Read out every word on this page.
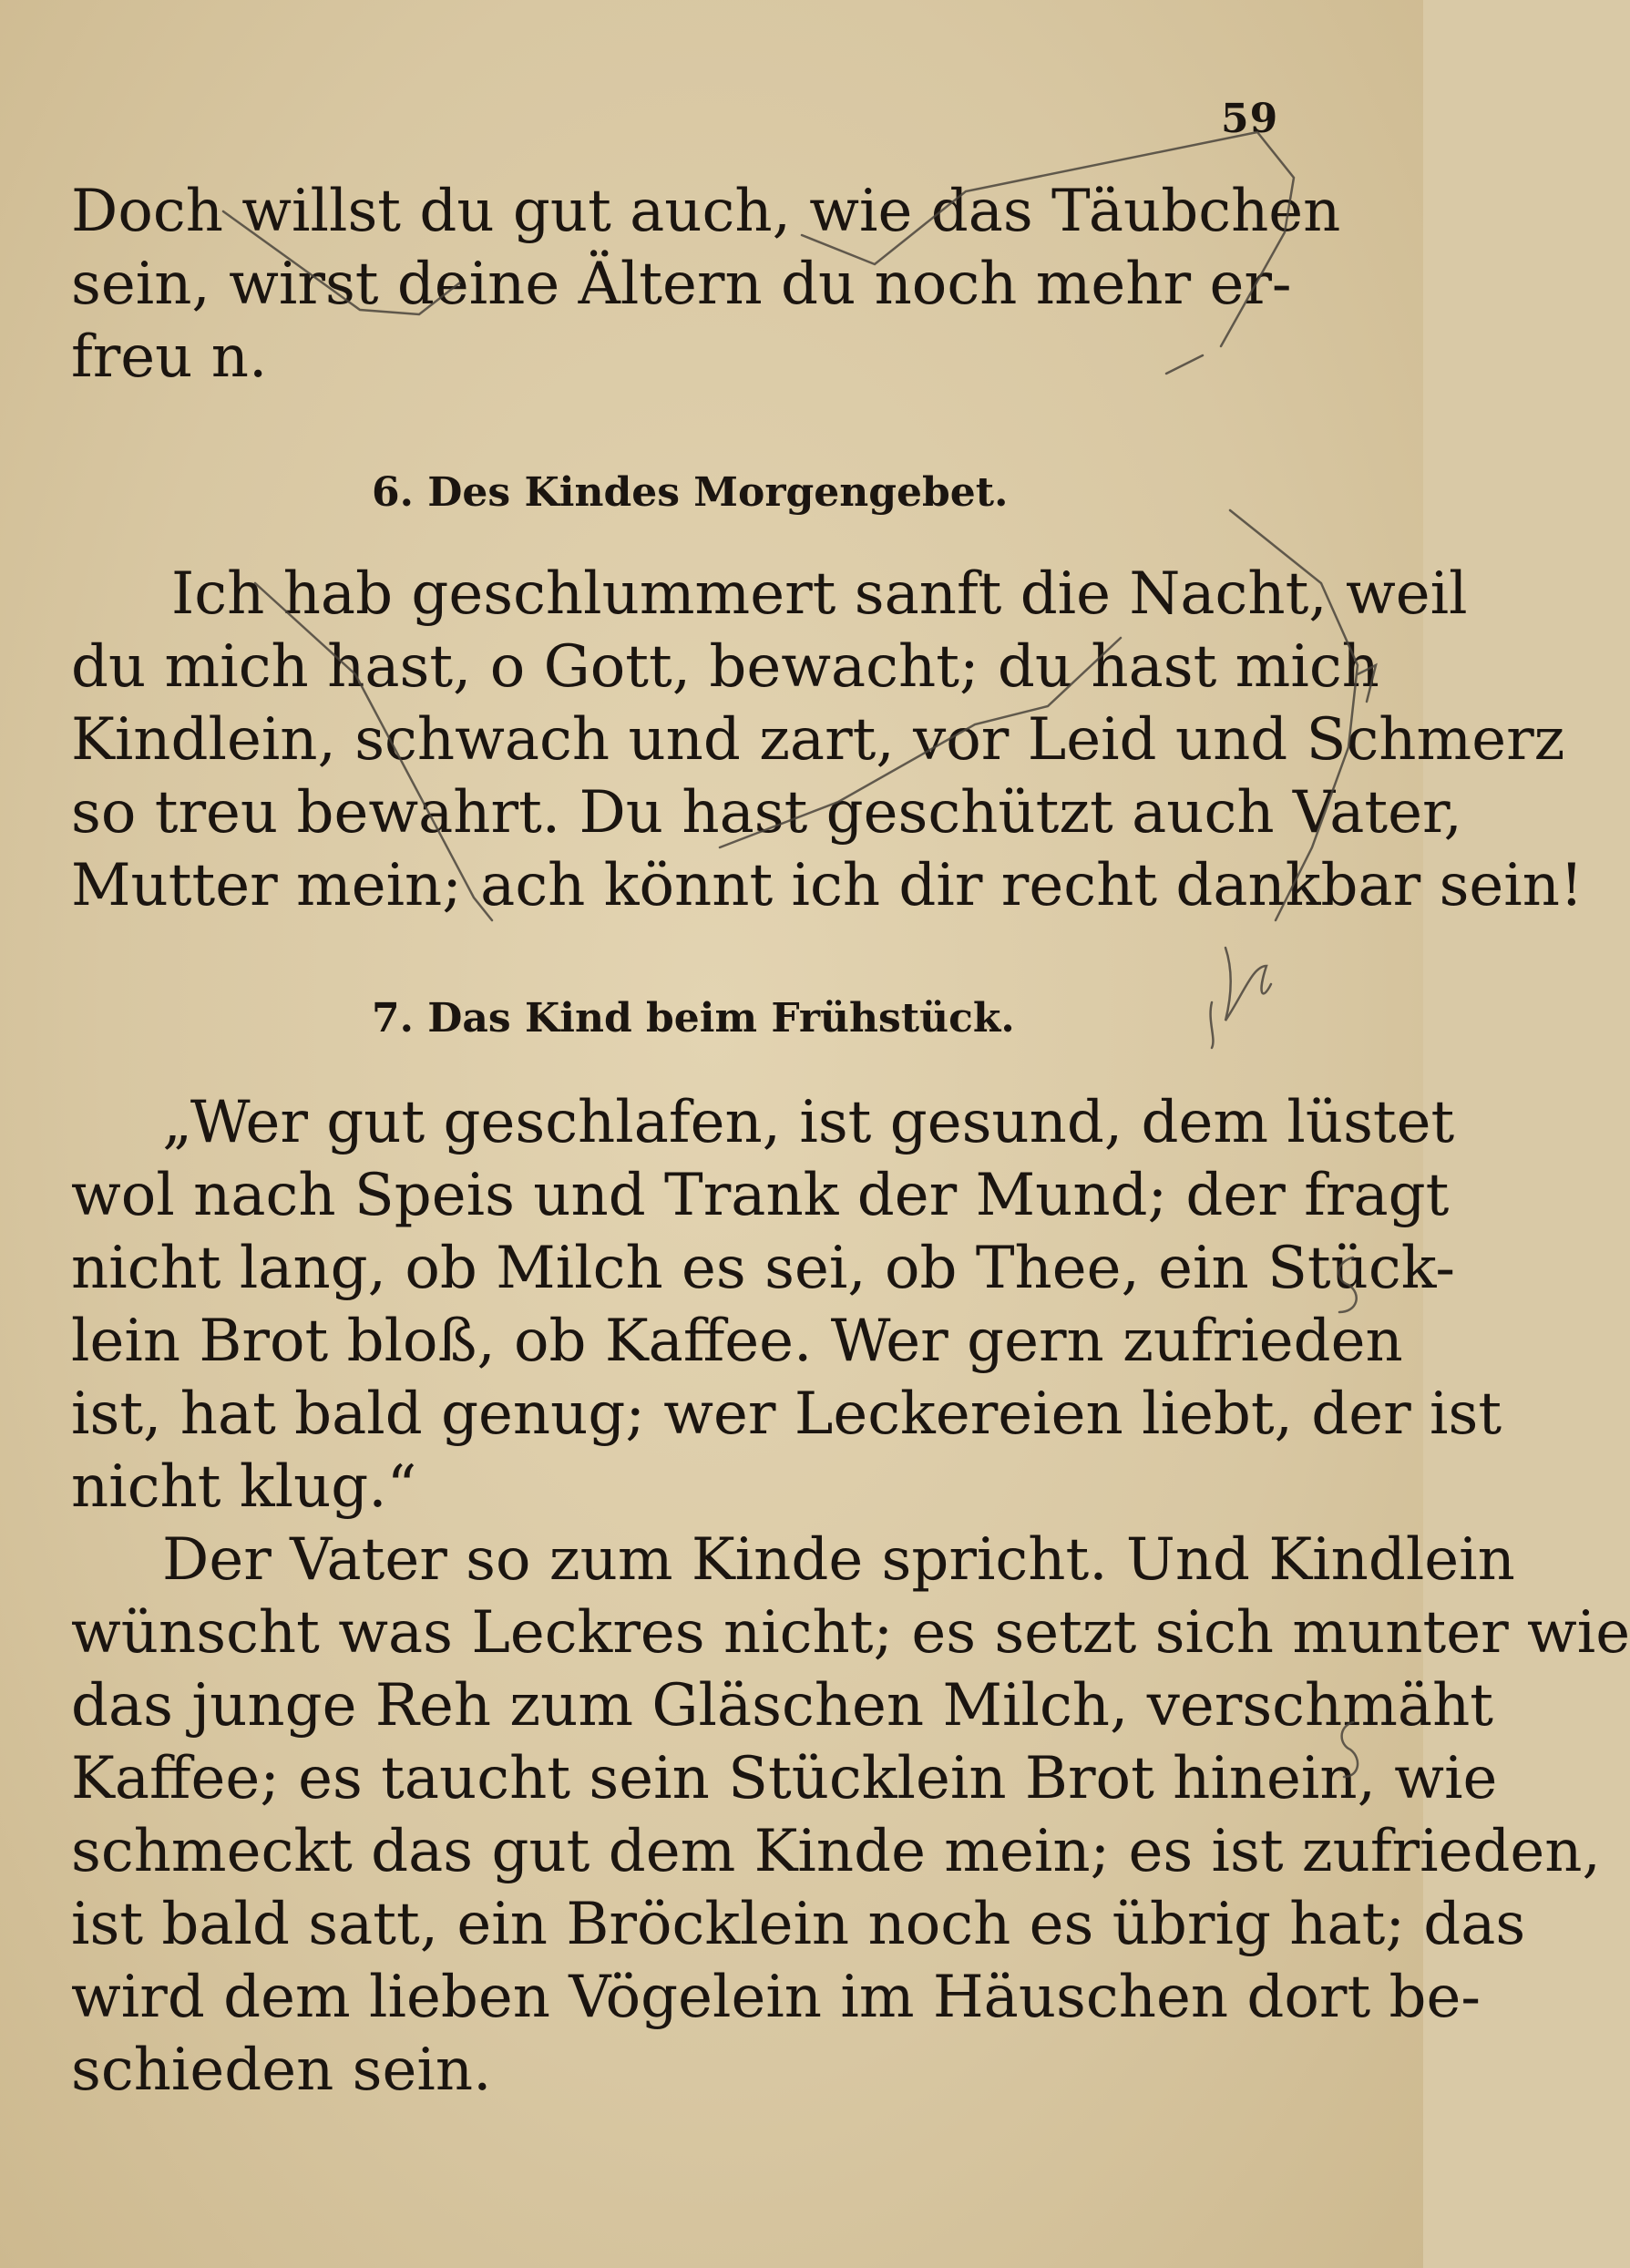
59
Doch willst du gut auch, wie das Täubchen
sein, wirst deine Ältern du noch mehr er-
freu n.
6. Des Kindes Morgengebet.
Ich hab geschlummert sanft die Nacht, weil
du mich hast, o Gott, bewacht; du hast mich
Kindlein, schwach und zart, vor Leid und Schmerz
so treu bewahrt. Du hast geschützt auch Vater,
Mutter mein; ach könnt ich dir recht dankbar sein!
7. Das Kind beim Frühstück.
„Wer gut geschlafen, ist gesund, dem lüstet
wol nach Speis und Trank der Mund; der fragt
nicht lang, ob Milch es sei, ob Thee, ein Stück-
lein Brot bloß, ob Kaffee. Wer gern zufrieden
ist, hat bald genug; wer Leckereien liebt, der ist
nicht klug.“
Der Vater so zum Kinde spricht. Und Kindlein
wünscht was Leckres nicht; es setzt sich munter wie
das junge Reh zum Gläschen Milch, verschmäht
Kaffee; es taucht sein Stücklein Brot hinein, wie
schmeckt das gut dem Kinde mein; es ist zufrieden,
ist bald satt, ein Bröcklein noch es übrig hat; das
wird dem lieben Vögelein im Häuschen dort be-
schieden sein.
